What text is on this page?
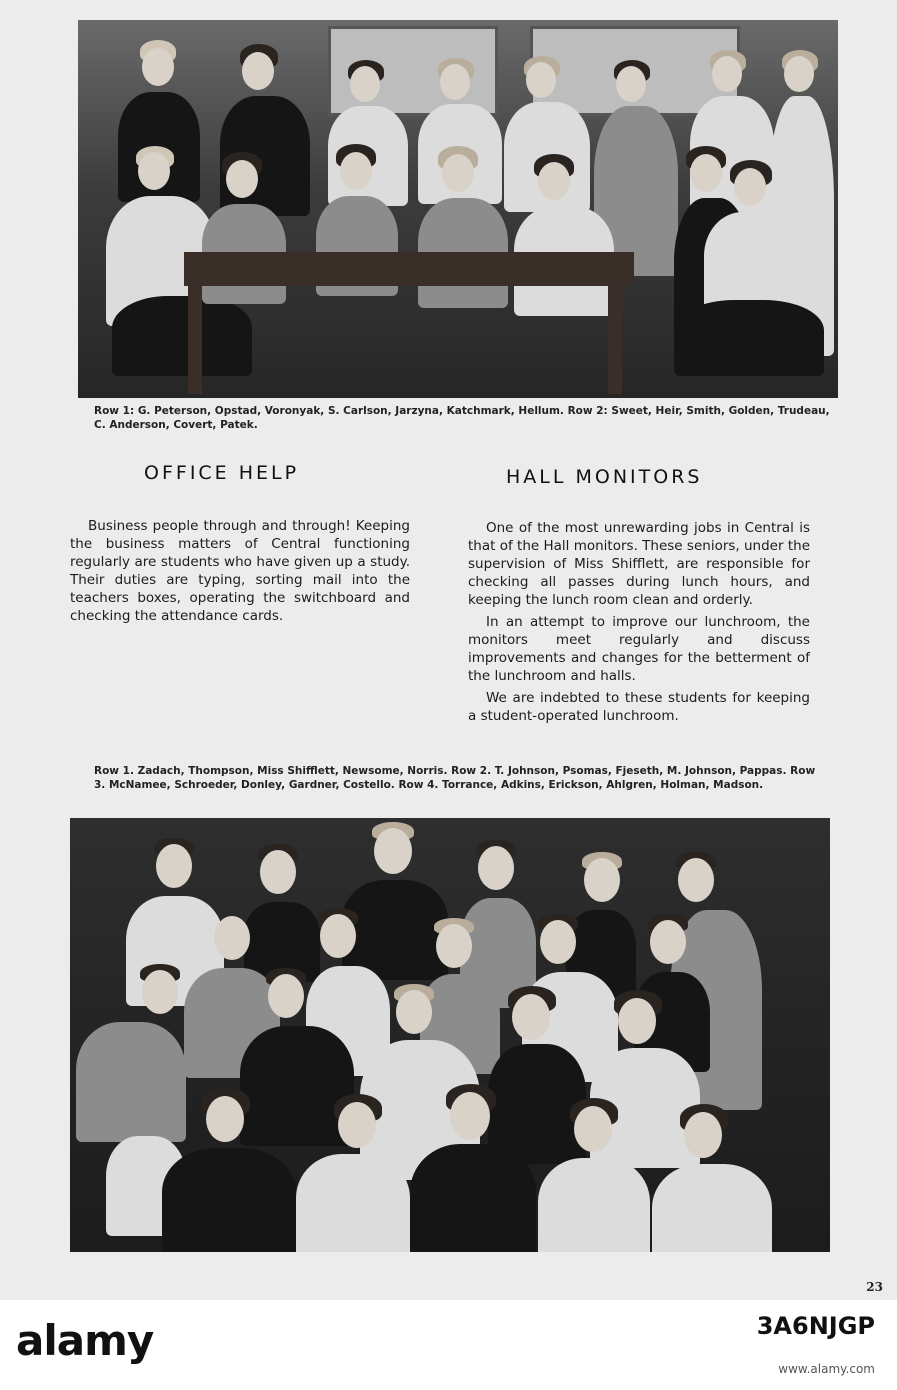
Row 1: G. Peterson, Opstad, Voronyak, S. Carlson, Jarzyna, Katchmark, Hellum. Row 2: Sweet, Heir, Smith, Golden, Trudeau, C. Anderson, Covert, Patek.
OFFICE HELP	HALL MONITORS

Business people through and through! Keeping the business matters of Central functioning regularly are students who have given up a study. Their duties are typing, sorting mail into the teachers boxes, operating the switchboard and checking the attendance cards.

One of the most unrewarding jobs in Central is that of the Hall monitors. These seniors, under the supervision of Miss Shifflett, are responsible for checking all passes during lunch hours, and keeping the lunch room clean and orderly.

In an attempt to improve our lunchroom, the monitors meet regularly and discuss improvements and changes for the betterment of the lunchroom and halls.

We are indebted to these students for keeping a student-operated lunchroom.

Row 1. Zadach, Thompson, Miss Shifflett, Newsome, Norris. Row 2. T. Johnson, Psomas, Fjeseth, M. Johnson, Pappas. Row 3. McNamee, Schroeder, Donley, Gardner, Costello. Row 4. Torrance, Adkins, Erickson, Ahlgren, Holman, Madson.
23
alamy	3A6NJGP
www.alamy.com
